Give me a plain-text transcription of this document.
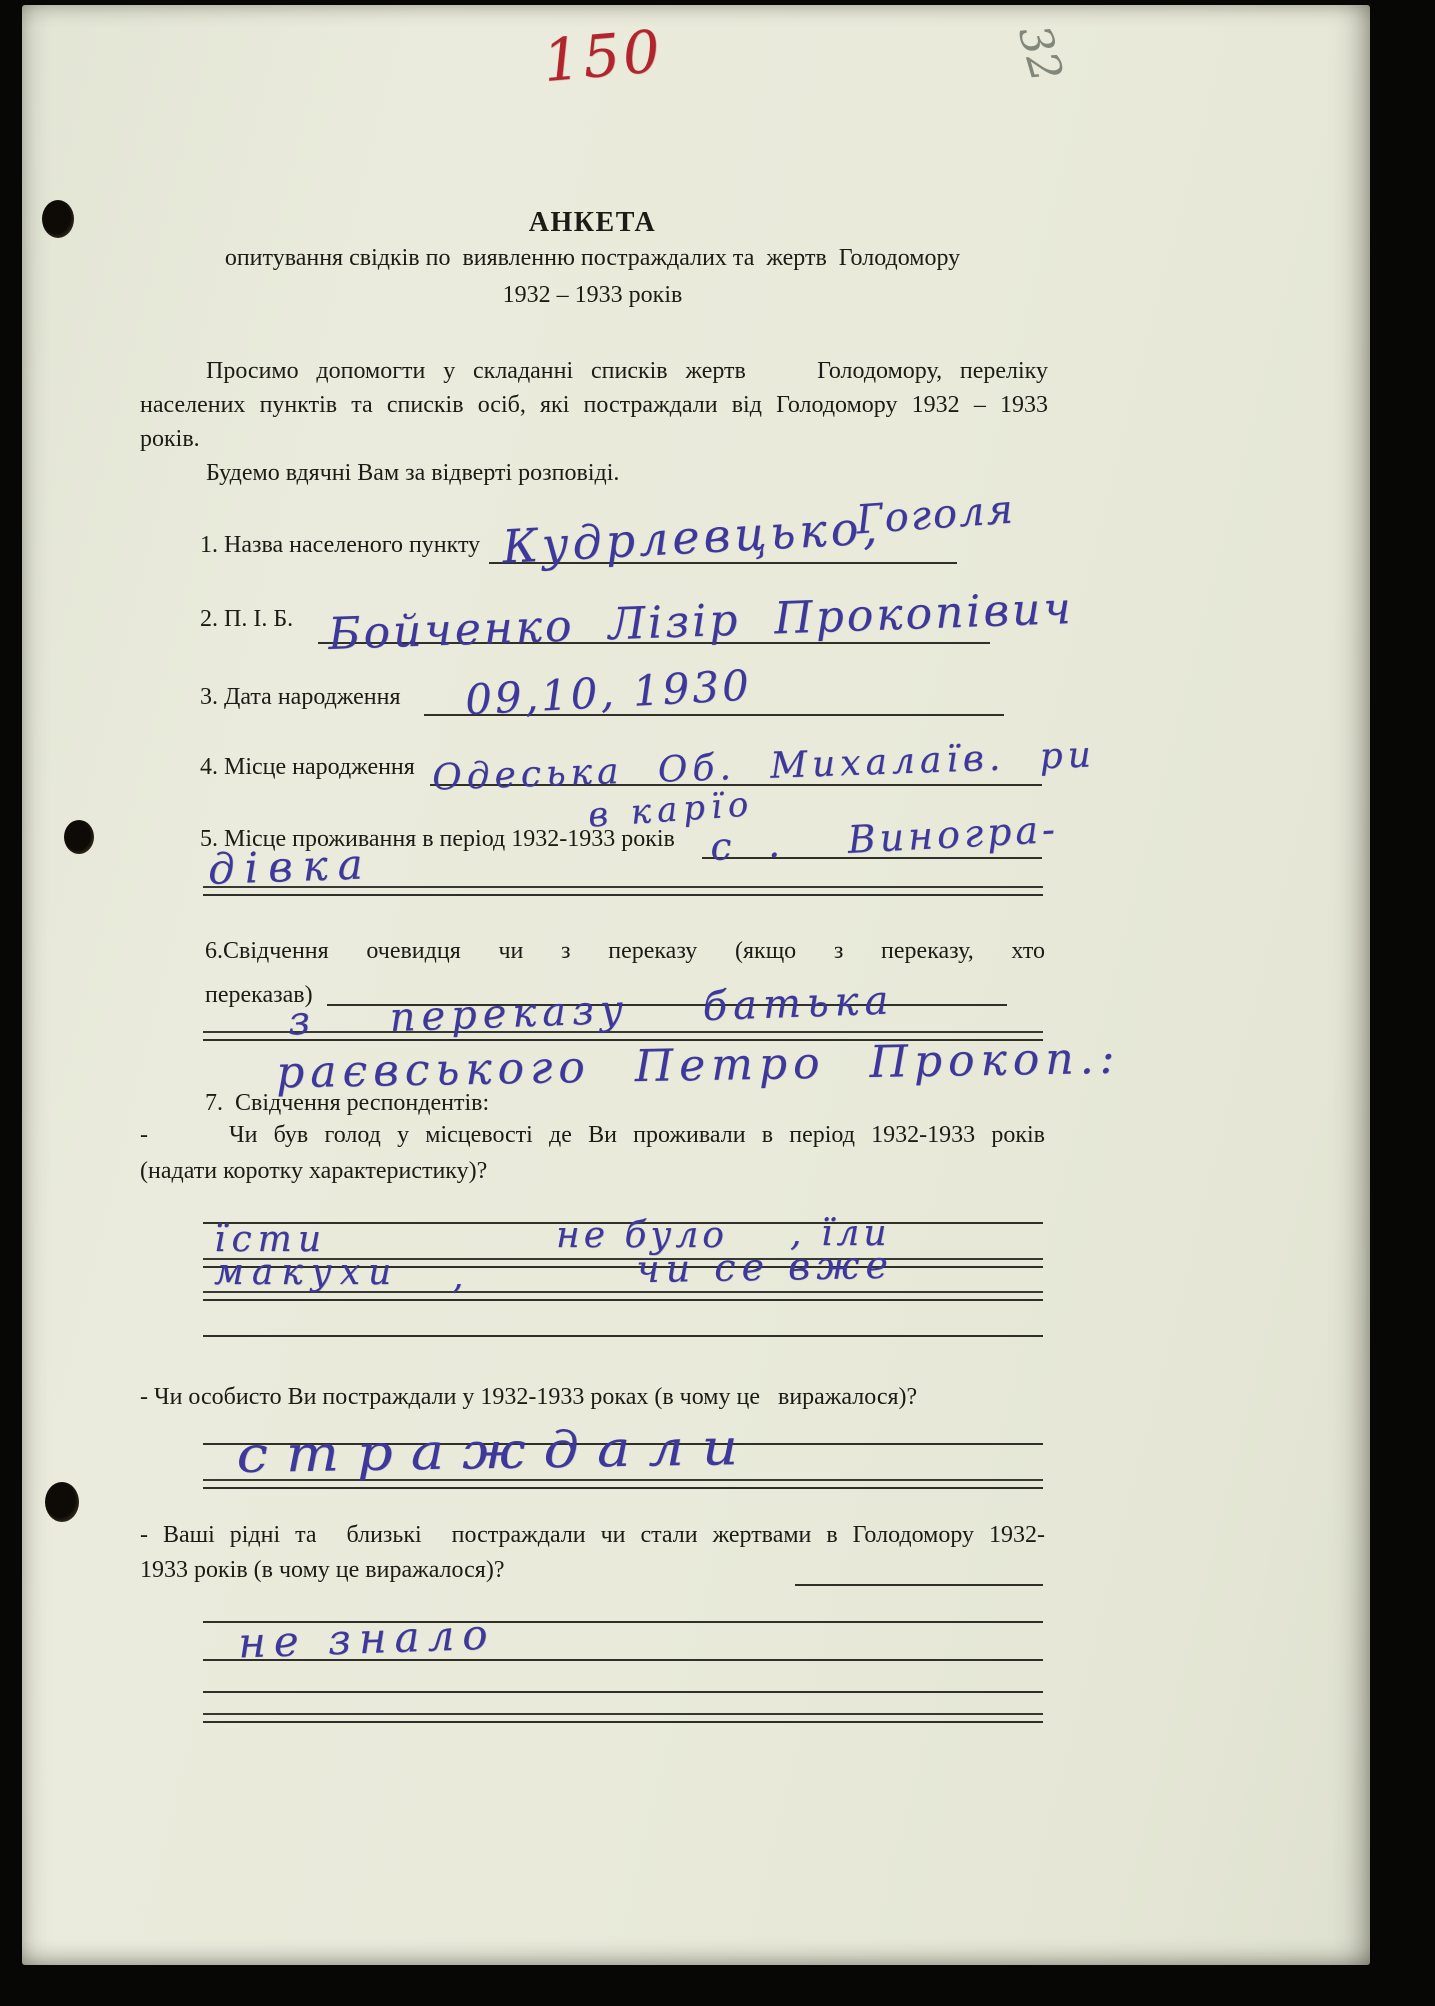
150	32
АНКЕТА
опитування свідків по  виявленню постраждалих та  жертв  Голодомору
1932 – 1933 років
Просимо допомогти у складанні списків жертв    Голодомору, переліку
населених пунктів та списків осіб, які постраждали від Голодомору 1932 – 1933
років.
Будемо вдячні Вам за відверті розповіді.
1. Назва населеного пункту Кудрлевцько,
Гоголя
2. П. І. Б. Бойченко  Лізір  Прокопівич
3. Дата народження 09,10, 1930
4. Місце народження Одеська Об. Михалаїв. ри
в карїо
5. Місце проживання в період 1932-1933 років с .  Виногра-
дівка
6.Свідчення очевидця чи з переказу (якщо з переказу, хто
переказав)
з переказу батька
раєвського Петро Прокоп.:
7.  Свідчення респондентів:
-     Чи був голод у місцевості де Ви проживали в період 1932-1933 років
(надати коротку характеристику)?
їсти	не було , їли
макухи ,	чи се вже
- Чи особисто Ви постраждали у 1932-1933 роках (в чому це   виражалося)?
страждали
- Ваші рідні та  близькі  постраждали чи стали жертвами в Голодомору 1932-
1933 років (в чому це виражалося)?
не знало
